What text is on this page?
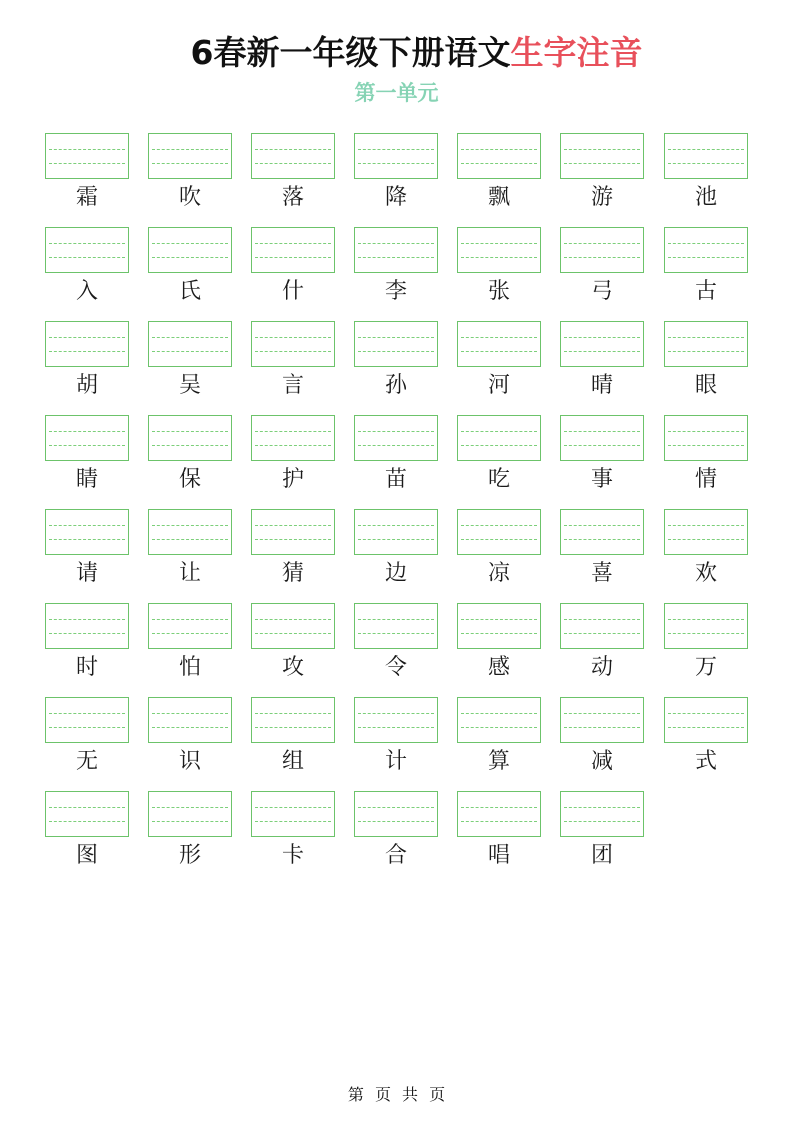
6春新一年级下册语文生字注音
第一单元
霜	吹	落	降	飘	游	池
入	氏	什	李	张	弓	古
胡	吴	言	孙	河	晴	眼
睛	保	护	苗	吃	事	情
请	让	猜	边	凉	喜	欢
时	怕	攻	令	感	动	万
无	识	组	计	算	减	式
图	形	卡	合	唱	团
第 页 共 页
